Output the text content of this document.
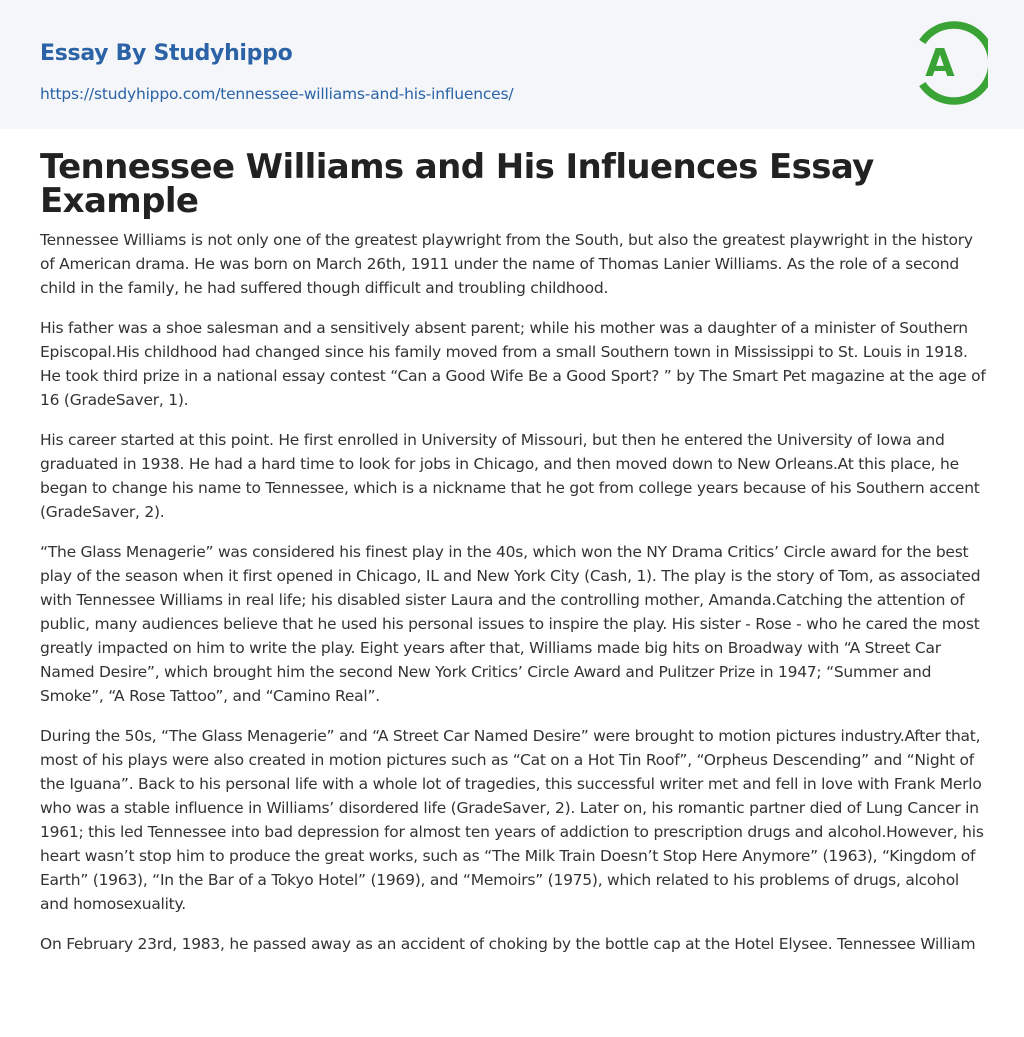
Essay By Studyhippo
https://studyhippo.com/tennessee-williams-and-his-influences/
A
Tennessee Williams and His Influences Essay Example

Tennessee Williams is not only one of the greatest playwright from the South, but also the greatest playwright in the history of American drama. He was born on March 26th, 1911 under the name of Thomas Lanier Williams. As the role of a second child in the family, he had suffered though difficult and troubling childhood.

His father was a shoe salesman and a sensitively absent parent; while his mother was a daughter of a minister of Southern Episcopal.His childhood had changed since his family moved from a small Southern town in Mississippi to St. Louis in 1918. He took third prize in a national essay contest “Can a Good Wife Be a Good Sport? ” by The Smart Pet magazine at the age of 16 (GradeSaver, 1).

His career started at this point. He first enrolled in University of Missouri, but then he entered the University of Iowa and graduated in 1938. He had a hard time to look for jobs in Chicago, and then moved down to New Orleans.At this place, he began to change his name to Tennessee, which is a nickname that he got from college years because of his Southern accent (GradeSaver, 2).

“The Glass Menagerie” was considered his finest play in the 40s, which won the NY Drama Critics’ Circle award for the best play of the season when it first opened in Chicago, IL and New York City (Cash, 1). The play is the story of Tom, as associated with Tennessee Williams in real life; his disabled sister Laura and the controlling mother, Amanda.Catching the attention of public, many audiences believe that he used his personal issues to inspire the play. His sister - Rose - who he cared the most greatly impacted on him to write the play. Eight years after that, Williams made big hits on Broadway with “A Street Car Named Desire”, which brought him the second New York Critics’ Circle Award and Pulitzer Prize in 1947; “Summer and Smoke”, “A Rose Tattoo”, and “Camino Real”.

During the 50s, “The Glass Menagerie” and “A Street Car Named Desire” were brought to motion pictures industry.After that, most of his plays were also created in motion pictures such as “Cat on a Hot Tin Roof”, “Orpheus Descending” and “Night of the Iguana”. Back to his personal life with a whole lot of tragedies, this successful writer met and fell in love with Frank Merlo who was a stable influence in Williams’ disordered life (GradeSaver, 2). Later on, his romantic partner died of Lung Cancer in 1961; this led Tennessee into bad depression for almost ten years of addiction to prescription drugs and alcohol.However, his heart wasn’t stop him to produce the great works, such as “The Milk Train Doesn’t Stop Here Anymore” (1963), “Kingdom of Earth” (1963), “In the Bar of a Tokyo Hotel” (1969), and “Memoirs” (1975), which related to his problems of drugs, alcohol and homosexuality.

On February 23rd, 1983, he passed away as an accident of choking by the bottle cap at the Hotel Elysee. Tennessee William
